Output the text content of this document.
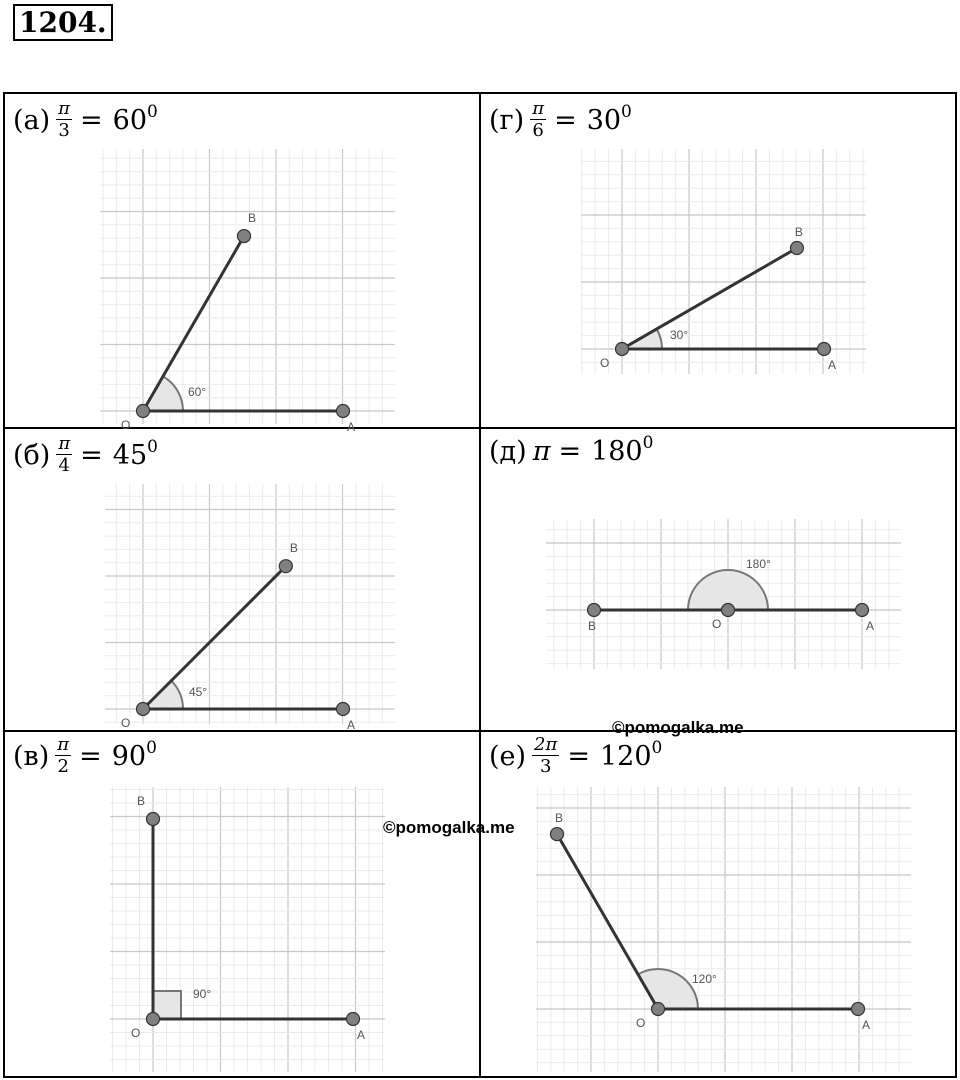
1204.
$(а) \frac{\pi}{3} = 60^0$
O	A
B
60°
$(г) \frac{\pi}{6} = 30^0$
O	A
B
30°
$(б) \frac{\pi}{4} = 45^0$
O	A
B
45°
(д) $\pi = 180^0$
O	A
B
180°
$(в) \frac{\pi}{2} = 90^0$
O	A
B
90°
$(е) \frac{2\pi}{3} = 120^0$
O	A
B
120°
©pomogalka.me
©pomogalka.me
